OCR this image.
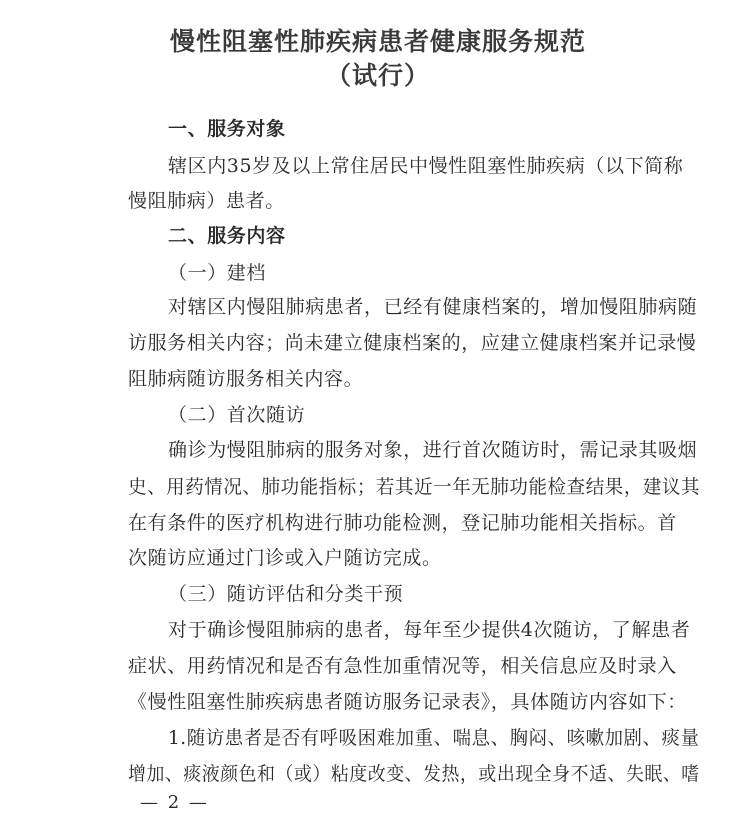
慢性阻塞性肺疾病患者健康服务规范
（试行）
一、服务对象
辖区内35岁及以上常住居民中慢性阻塞性肺疾病（以下简称
慢阻肺病）患者。
二、服务内容
（一）建档
对辖区内慢阻肺病患者，已经有健康档案的，增加慢阻肺病随
访服务相关内容；尚未建立健康档案的，应建立健康档案并记录慢
阻肺病随访服务相关内容。
（二）首次随访
确诊为慢阻肺病的服务对象，进行首次随访时，需记录其吸烟
史、用药情况、肺功能指标；若其近一年无肺功能检查结果，建议其
在有条件的医疗机构进行肺功能检测，登记肺功能相关指标。首
次随访应通过门诊或入户随访完成。
（三）随访评估和分类干预
对于确诊慢阻肺病的患者，每年至少提供4次随访，了解患者
症状、用药情况和是否有急性加重情况等，相关信息应及时录入
《慢性阻塞性肺疾病患者随访服务记录表》，具体随访内容如下：
1.随访患者是否有呼吸困难加重、喘息、胸闷、咳嗽加剧、痰量
增加、痰液颜色和（或）粘度改变、发热，或出现全身不适、失眠、嗜
— 2 —
